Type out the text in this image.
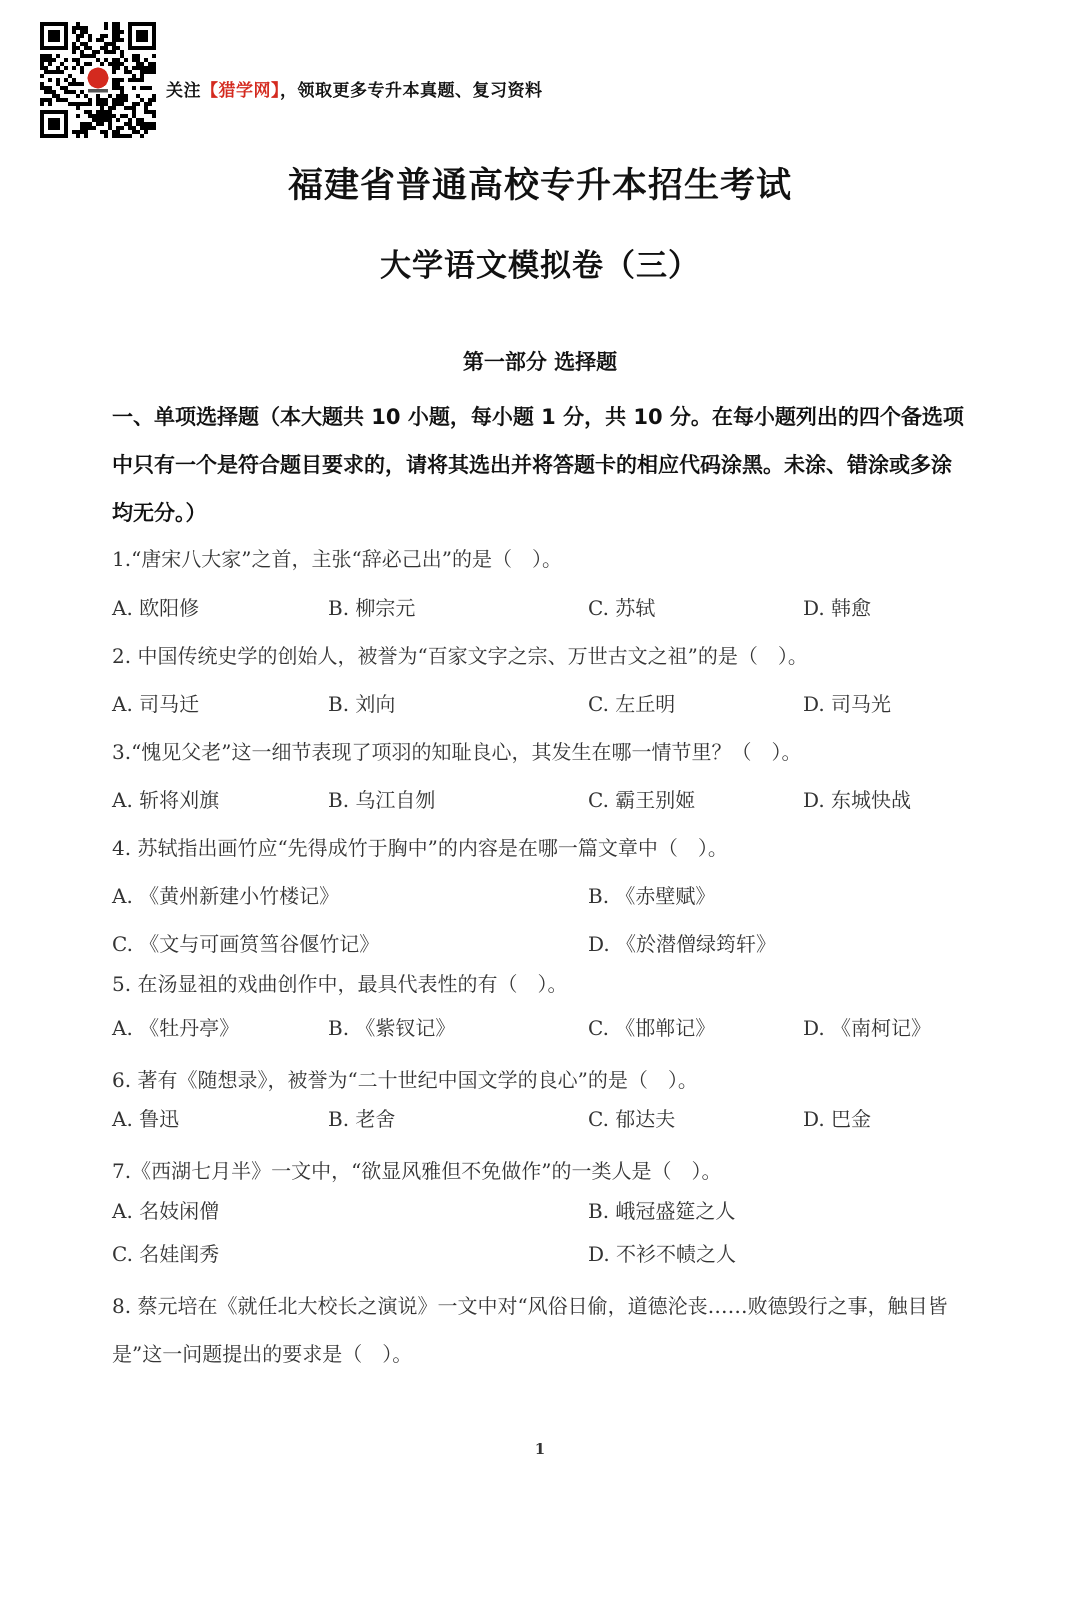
关注【猎学网】，领取更多专升本真题、复习资料
福建省普通高校专升本招生考试
大学语文模拟卷（三）
第一部分 选择题
一、单项选择题（本大题共 10 小题，每小题 1 分，共 10 分。在每小题列出的四个备选项中只有一个是符合题目要求的，请将其选出并将答题卡的相应代码涂黑。未涂、错涂或多涂均无分。）
1.“唐宋八大家”之首，主张“辞必己出”的是（　）。
A. 欧阳修	B. 柳宗元	C. 苏轼	D. 韩愈
2. 中国传统史学的创始人，被誉为“百家文字之宗、万世古文之祖”的是（　）。
A. 司马迁	B. 刘向	C. 左丘明	D. 司马光
3.“愧见父老”这一细节表现了项羽的知耻良心，其发生在哪一情节里？（　）。
A. 斩将刈旗	B. 乌江自刎	C. 霸王别姬	D. 东城快战
4. 苏轼指出画竹应“先得成竹于胸中”的内容是在哪一篇文章中（　）。
A. 《黄州新建小竹楼记》	B. 《赤壁赋》
C. 《文与可画筼筜谷偃竹记》	D. 《於潜僧绿筠轩》
5. 在汤显祖的戏曲创作中，最具代表性的有（　）。
A. 《牡丹亭》	B. 《紫钗记》	C. 《邯郸记》	D. 《南柯记》
6. 著有《随想录》，被誉为“二十世纪中国文学的良心”的是（　）。
A. 鲁迅	B. 老舍	C. 郁达夫	D. 巴金
7.《西湖七月半》一文中，“欲显风雅但不免做作”的一类人是（　）。
A. 名妓闲僧	B. 峨冠盛筵之人
C. 名娃闺秀	D. 不衫不帻之人
8. 蔡元培在《就任北大校长之演说》一文中对“风俗日偷，道德沦丧……败德毁行之事，触目皆是”这一问题提出的要求是（　）。
1
